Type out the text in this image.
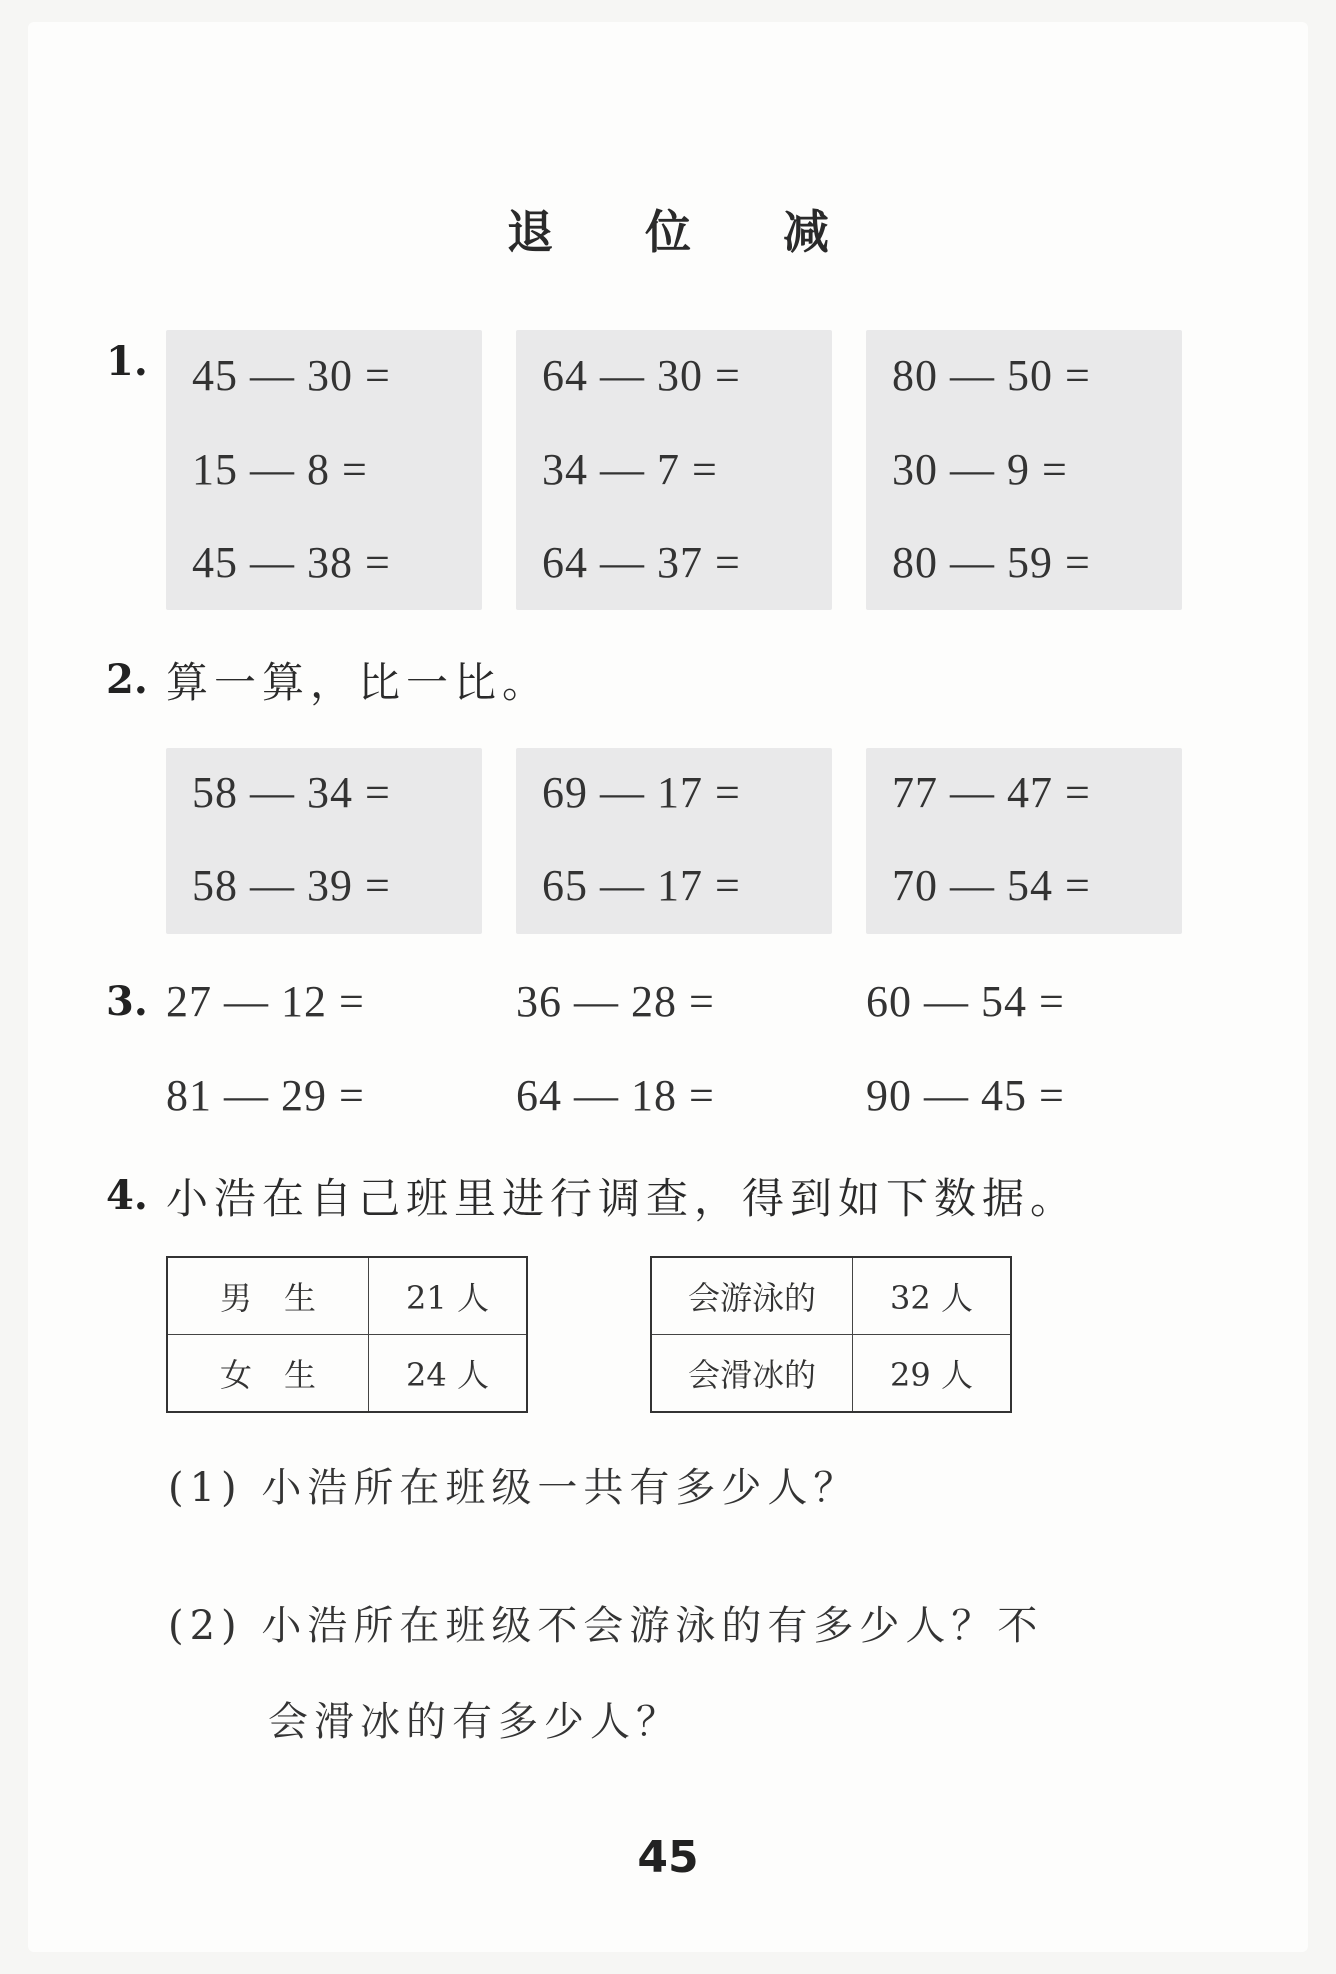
退 位 减
1. 45 — 30 =
15 — 8 =
45 — 38 =
64 — 30 =
34 — 7 =
64 — 37 =
80 — 50 =
30 — 9 =
80 — 59 =
2. 算一算，比一比。
58 — 34 =
58 — 39 =
69 — 17 =
65 — 17 =
77 — 47 =
70 — 54 =
3. 27 — 12 =	36 — 28 =	60 — 54 =
81 — 29 =	64 — 18 =	90 — 45 =
4. 小浩在自己班里进行调查，得到如下数据。
男　生	21 人
女　生	24 人
会游泳的	32 人
会滑冰的	29 人
(1) 小浩所在班级一共有多少人？
(2) 小浩所在班级不会游泳的有多少人？不
会滑冰的有多少人？
45
